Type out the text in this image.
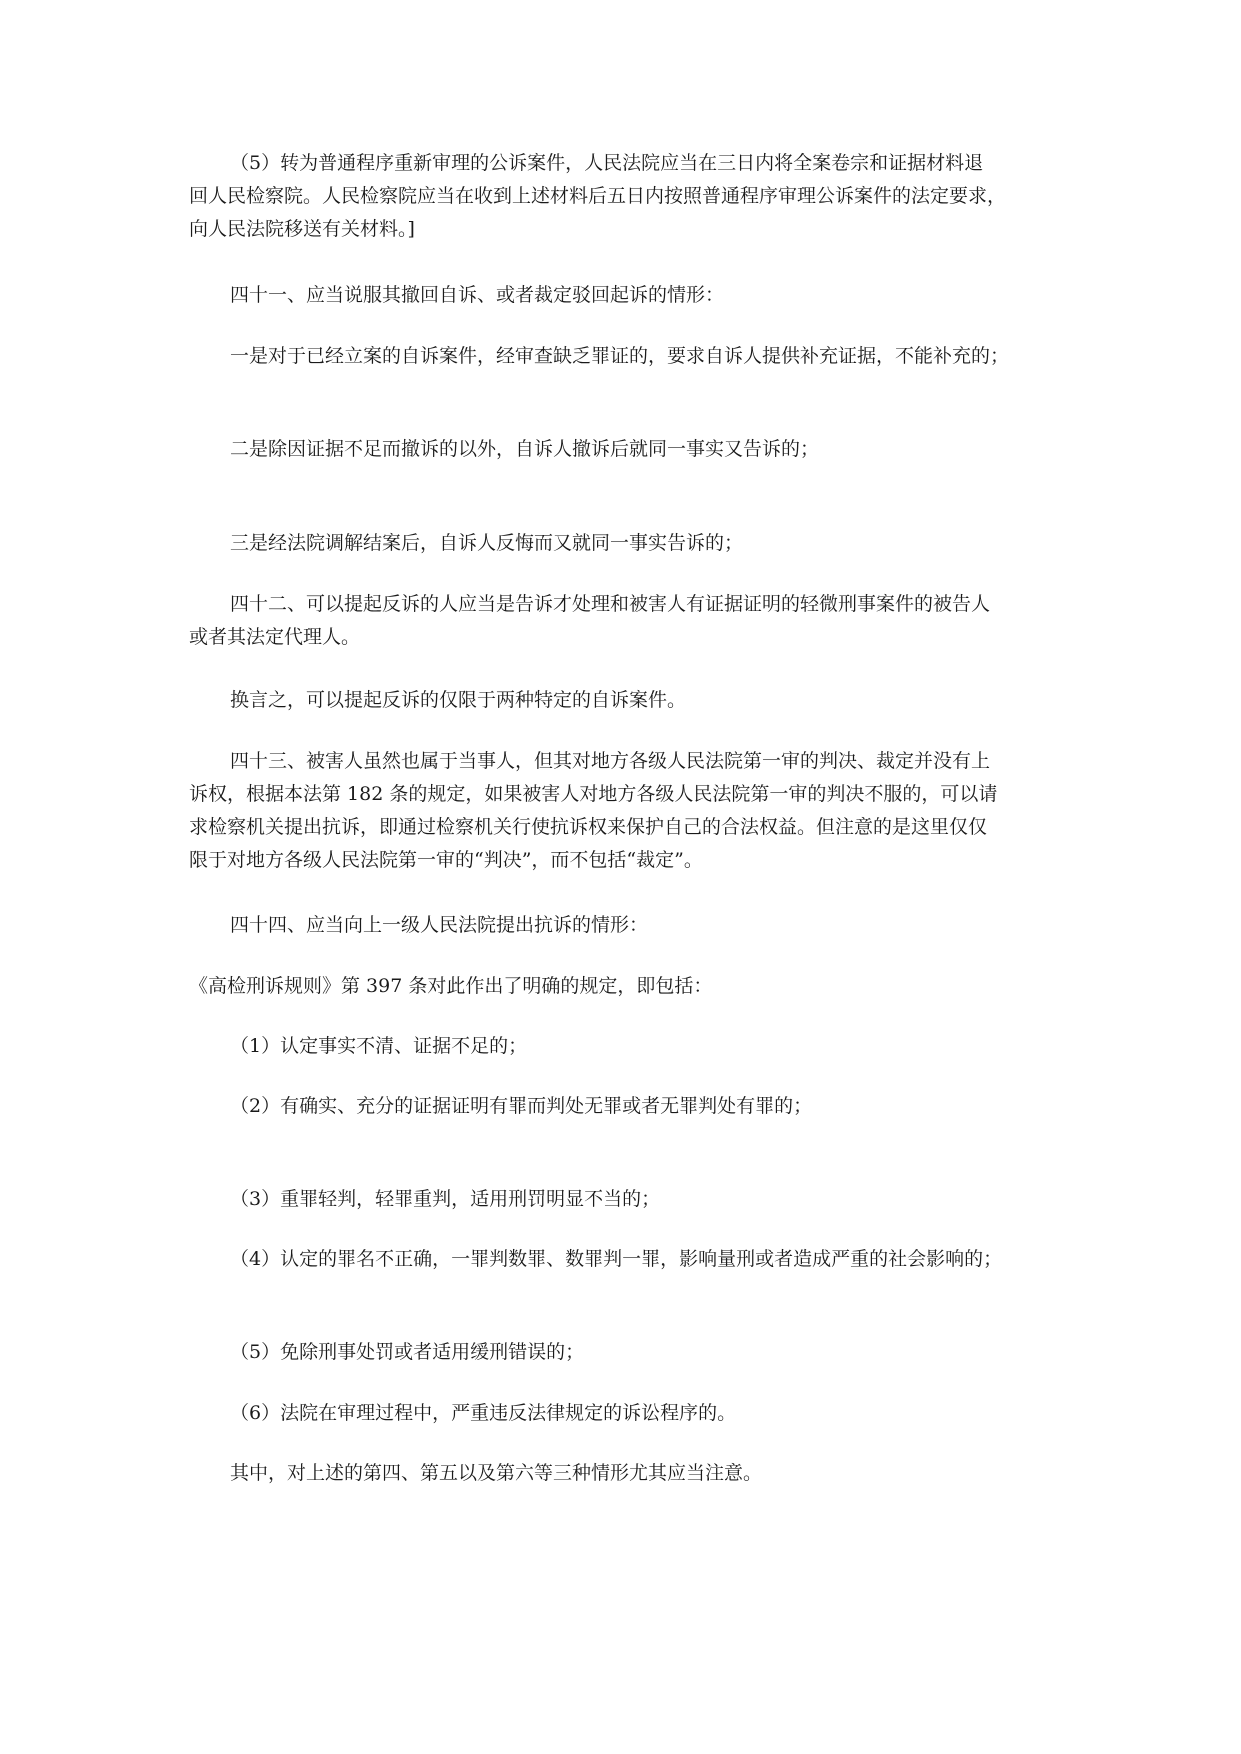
（5）转为普通程序重新审理的公诉案件，人民法院应当在三日内将全案卷宗和证据材料退
回人民检察院。人民检察院应当在收到上述材料后五日内按照普通程序审理公诉案件的法定要求，
向人民法院移送有关材料。]
四十一、应当说服其撤回自诉、或者裁定驳回起诉的情形：
一是对于已经立案的自诉案件，经审查缺乏罪证的，要求自诉人提供补充证据，不能补充的；
二是除因证据不足而撤诉的以外，自诉人撤诉后就同一事实又告诉的；
三是经法院调解结案后，自诉人反悔而又就同一事实告诉的；
四十二、可以提起反诉的人应当是告诉才处理和被害人有证据证明的轻微刑事案件的被告人
或者其法定代理人。
换言之，可以提起反诉的仅限于两种特定的自诉案件。
四十三、被害人虽然也属于当事人，但其对地方各级人民法院第一审的判决、裁定并没有上
诉权，根据本法第 182 条的规定，如果被害人对地方各级人民法院第一审的判决不服的，可以请
求检察机关提出抗诉，即通过检察机关行使抗诉权来保护自己的合法权益。但注意的是这里仅仅
限于对地方各级人民法院第一审的“判决”，而不包括“裁定”。
四十四、应当向上一级人民法院提出抗诉的情形：
《高检刑诉规则》第 397 条对此作出了明确的规定，即包括：
（1）认定事实不清、证据不足的；
（2）有确实、充分的证据证明有罪而判处无罪或者无罪判处有罪的；
（3）重罪轻判，轻罪重判，适用刑罚明显不当的；
（4）认定的罪名不正确，一罪判数罪、数罪判一罪，影响量刑或者造成严重的社会影响的；
（5）免除刑事处罚或者适用缓刑错误的；
（6）法院在审理过程中，严重违反法律规定的诉讼程序的。
其中，对上述的第四、第五以及第六等三种情形尤其应当注意。
